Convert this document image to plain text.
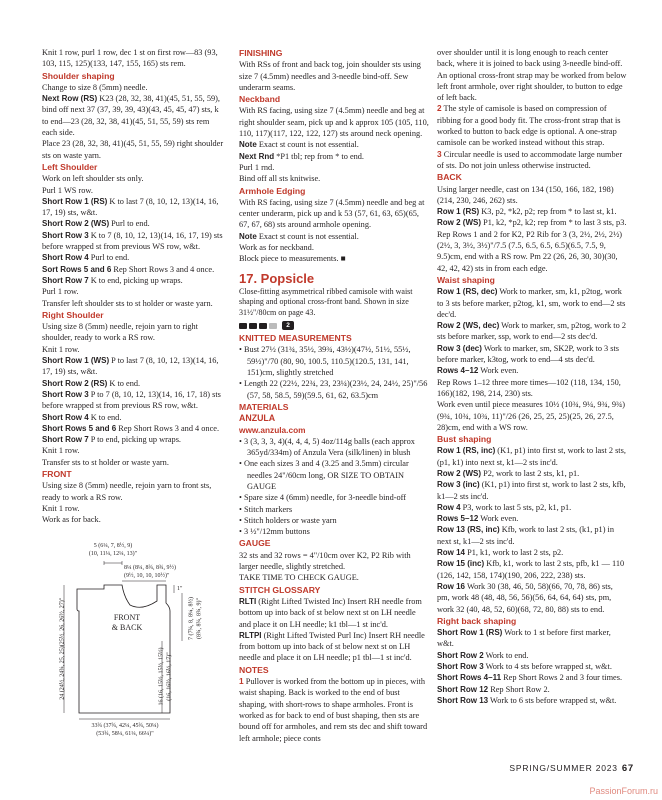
Knit 1 row, purl 1 row, dec 1 st on first row—83 (93, 103, 115, 125)(133, 147, 155, 165) sts rem.

Shoulder shaping

Change to size 8 (5mm) needle.

Next Row (RS) K23 (28, 32, 38, 41)(45, 51, 55, 59), bind off next 37 (37, 39, 39, 43)(43, 45, 45, 47) sts, k to end—23 (28, 32, 38, 41)(45, 51, 55, 59) sts rem each side.

Place 23 (28, 32, 38, 41)(45, 51, 55, 59) right shoulder sts on waste yarn.

Left Shoulder

Work on left shoulder sts only.

Purl 1 WS row.

Short Row 1 (RS) K to last 7 (8, 10, 12, 13)(14, 16, 17, 19) sts, w&t.

Short Row 2 (WS) Purl to end.

Short Row 3 K to 7 (8, 10, 12, 13)(14, 16, 17, 19) sts before wrapped st from previous WS row, w&t.

Short Row 4 Purl to end.

Sort Rows 5 and 6 Rep Short Rows 3 and 4 once.

Short Row 7 K to end, picking up wraps.

Purl 1 row.

Transfer left shoulder sts to st holder or waste yarn.

Right Shoulder

Using size 8 (5mm) needle, rejoin yarn to right shoulder, ready to work a RS row.

Knit 1 row.

Short Row 1 (WS) P to last 7 (8, 10, 12, 13)(14, 16, 17, 19) sts, w&t.

Short Row 2 (RS) K to end.

Short Row 3 P to 7 (8, 10, 12, 13)(14, 16, 17, 18) sts before wrapped st from previous RS row, w&t.

Short Row 4 K to end.

Short Rows 5 and 6 Rep Short Rows 3 and 4 once.

Short Row 7 P to end, picking up wraps.

Knit 1 row.

Transfer sts to st holder or waste yarn.

FRONT

Using size 8 (5mm) needle, rejoin yarn to front sts, ready to work a RS row.

Knit 1 row.

Work as for back.

5 (6¼, 7, 8½, 9)
(10, 11¼, 12¼, 13)"
8¼ (8¼, 8¾, 8¾, 9½)
(9½, 10, 10, 10½)"
1"
FRONT
& BACK
24 (24½, 24¾, 25, 25)(25½, 26, 26½, 27)"	7 (7¾, 8, 8¼, 8½) (8¾, 8¾, 8¾, 9)"
16 (16, 15½, 15½, 15½) (16, 16½, 16½, 17)"
33¾ (37¾, 42¼, 45¾, 50¼)
(53¾, 58¼, 61¼, 66¼)"
FINISHING

With RSs of front and back tog, join shoulder sts using size 7 (4.5mm) needles and 3-needle bind-off. Sew underarm seams.

Neckband

With RS facing, using size 7 (4.5mm) needle and beg at right shoulder seam, pick up and k approx 105 (105, 110, 110, 117)(117, 122, 122, 127) sts around neck opening.

Note Exact st count is not essential.

Next Rnd *P1 tbl; rep from * to end.

Purl 1 rnd.

Bind off all sts knitwise.

Armhole Edging

With RS facing, using size 7 (4.5mm) needle and beg at center underarm, pick up and k 53 (57, 61, 63, 65)(65, 67, 67, 68) sts around armhole opening.

Note Exact st count is not essential.

Work as for neckband.

Block piece to measurements. ■

17. Popsicle

Close-fitting asymmetrical ribbed camisole with waist shaping and optional cross-front band. Shown in size 31½"/80cm on page 43.

2
KNITTED MEASUREMENTS

• Bust 27½ (31¾, 35½, 39¾, 43½)(47½, 51½, 55½, 59½)"/70 (80, 90, 100.5, 110.5)(120.5, 131, 141, 151)cm, slightly stretched

• Length 22 (22½, 22¾, 23, 23¼)(23½, 24, 24½, 25)"/56 (57, 58, 58.5, 59)(59.5, 61, 62, 63.5)cm

MATERIALS
ANZULA
www.anzula.com

• 3 (3, 3, 3, 4)(4, 4, 4, 5) 4oz/114g balls (each approx 365yd/334m) of Anzula Vera (silk/linen) in blush

• One each sizes 3 and 4 (3.25 and 3.5mm) circular needles 24"/60cm long, OR SIZE TO OBTAIN GAUGE

• Spare size 4 (6mm) needle, for 3-needle bind-off

• Stitch markers

• Stitch holders or waste yarn

• 3 ½"/12mm buttons

GAUGE

32 sts and 32 rows = 4"/10cm over K2, P2 Rib with larger needle, slightly stretched.

TAKE TIME TO CHECK GAUGE.

STITCH GLOSSARY

RLTI (Right Lifted Twisted Inc) Insert RH needle from bottom up into back of st below next st on LH needle and place it on LH needle; k1 tbl—1 st inc'd.

RLTPI (Right Lifted Twisted Purl Inc) Insert RH needle from bottom up into back of st below next st on LH needle and place it on LH needle; p1 tbl—1 st inc'd.

NOTES

1 Pullover is worked from the bottom up in pieces, with waist shaping. Back is worked to the end of bust shaping, with short-rows to shape armholes. Front is worked as for back to end of bust shaping, then sts are bound off for armholes, and rem sts dec and shift toward left armhole; piece conts

over shoulder until it is long enough to reach center back, where it is joined to back using 3-needle bind-off. An optional cross-front strap may be worked from below left front armhole, over right shoulder, to button to edge of left back.

2 The style of camisole is based on compression of ribbing for a good body fit. The cross-front strap that is worked to button to back edge is optional. A one-strap camisole can be worked instead without this strap.

3 Circular needle is used to accommodate large number of sts. Do not join unless otherwise instructed.

BACK

Using larger needle, cast on 134 (150, 166, 182, 198)(214, 230, 246, 262) sts.

Row 1 (RS) K3, p2, *k2, p2; rep from * to last st, k1.

Row 2 (WS) P1, k2, *p2, k2; rep from * to last 3 sts, p3.

Rep Rows 1 and 2 for K2, P2 Rib for 3 (3, 2½, 2½, 2½)(2½, 3, 3½, 3½)"/7.5 (7.5, 6.5, 6.5, 6.5)(6.5, 7.5, 9, 9.5)cm, end with a RS row. Pm 22 (26, 26, 30, 30)(30, 42, 42, 42) sts in from each edge.

Waist shaping

Row 1 (RS, dec) Work to marker, sm, k1, p2tog, work to 3 sts before marker, p2tog, k1, sm, work to end—2 sts dec'd.

Row 2 (WS, dec) Work to marker, sm, p2tog, work to 2 sts before marker, ssp, work to end—2 sts dec'd.

Row 3 (dec) Work to marker, sm, SK2P, work to 3 sts before marker, k3tog, work to end—4 sts dec'd.

Rows 4–12 Work even.

Rep Rows 1–12 three more times—102 (118, 134, 150, 166)(182, 198, 214, 230) sts.

Work even until piece measures 10½ (10¾, 9¼, 9¾, 9¾)(9¾, 10¾, 10¾, 11)"/26 (26, 25, 25, 25)(25, 26, 27.5, 28)cm, end with a WS row.

Bust shaping

Row 1 (RS, inc) (K1, p1) into first st, work to last 2 sts, (p1, k1) into next st, k1—2 sts inc'd.

Row 2 (WS) P2, work to last 2 sts, k1, p1.

Row 3 (inc) (K1, p1) into first st, work to last 2 sts, kfb, k1—2 sts inc'd.

Row 4 P3, work to last 5 sts, p2, k1, p1.

Rows 5–12 Work even.

Row 13 (RS, inc) Kfb, work to last 2 sts, (k1, p1) in next st, k1—2 sts inc'd.

Row 14 P1, k1, work to last 2 sts, p2.

Row 15 (inc) Kfb, k1, work to last 2 sts, pfb, k1 — 110 (126, 142, 158, 174)(190, 206, 222, 238) sts.

Row 16 Work 30 (38, 46, 50, 58)(66, 70, 78, 86) sts, pm, work 48 (48, 48, 56, 56)(56, 64, 64, 64) sts, pm, work 32 (40, 48, 52, 60)(68, 72, 80, 88) sts to end.

Right back shaping

Short Row 1 (RS) Work to 1 st before first marker, w&t.

Short Row 2 Work to end.

Short Row 3 Work to 4 sts before wrapped st, w&t.

Short Rows 4–11 Rep Short Rows 2 and 3 four times.

Short Row 12 Rep Short Row 2.

Short Row 13 Work to 6 sts before wrapped st, w&t.

SPRING/SUMMER 2023 67
PassionForum.ru
